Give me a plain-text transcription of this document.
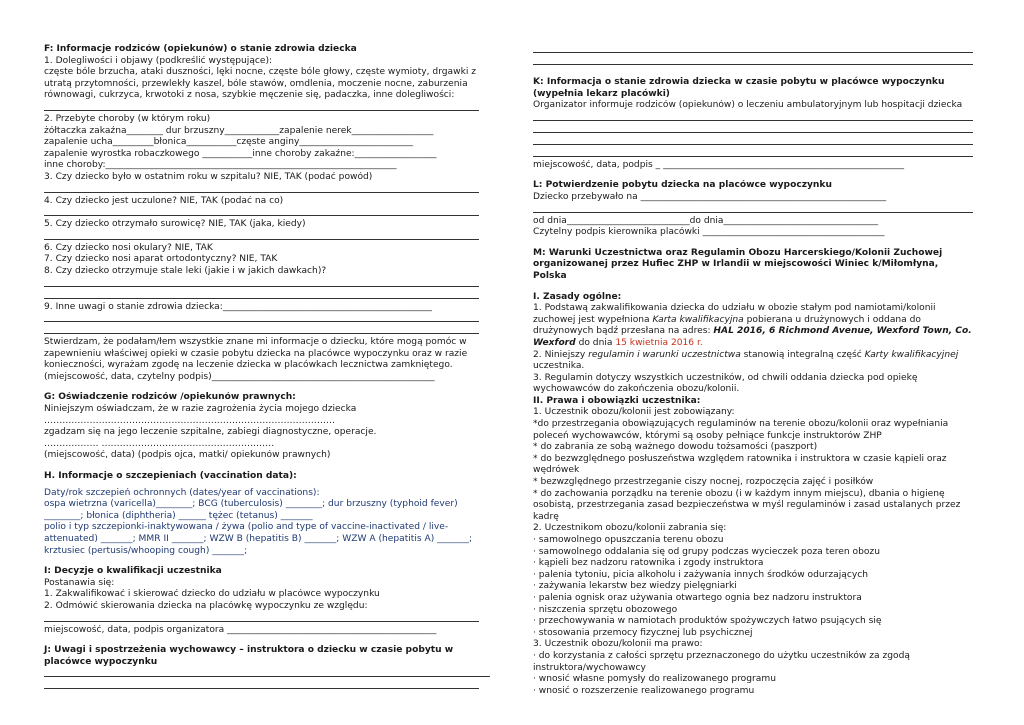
F: Informacje rodziców (opiekunów) o stanie zdrowia dziecka
1. Dolegliwości i objawy (podkreślić występujące):
częste bóle brzucha, ataki duszności, lęki nocne, częste bóle głowy, częste wymioty, drgawki z utratą przytomności, przewlekły kaszel, bóle stawów, omdlenia, moczenie nocne, zaburzenia równowagi, cukrzyca, krwotoki z nosa, szybkie męczenie się, padaczka, inne dolegliwości:
2. Przebyte choroby (w którym roku)
żółtaczka zakaźna________ dur brzuszny____________zapalenie nerek__________________
zapalenie ucha_________błonica___________częste anginy_________________________
zapalenie wyrostka robaczkowego ___________inne choroby zakaźne:__________________
inne choroby:________________________________________________________________
3. Czy dziecko było w ostatnim roku w szpitalu? NIE, TAK (podać powód)
4. Czy dziecko jest uczulone? NIE, TAK (podać na co)
5. Czy dziecko otrzymało surowicę? NIE, TAK (jaka, kiedy)
6. Czy dziecko nosi okulary? NIE, TAK
7. Czy dziecko nosi aparat ortodontyczny? NIE, TAK
8. Czy dziecko otrzymuje stale leki (jakie i w jakich dawkach)?
9. Inne uwagi o stanie zdrowia dziecka:______________________________________________
Stwierdzam, że podałam/łem wszystkie znane mi informacje o dziecku, które mogą pomóc w zapewnieniu właściwej opieki w czasie pobytu dziecka na placówce wypoczynku oraz w razie konieczności, wyrażam zgodę na leczenie dziecka w placówkach lecznictwa zamkniętego.
(miejscowość, data, czytelny podpis)_________________________________________________
G: Oświadczenie rodziców /opiekunów prawnych:
Niniejszym oświadczam, że w razie zagrożenia życia mojego dziecka
……………………………………………………………………………………
zgadzam się na jego leczenie szpitalne, zabiegi diagnostyczne, operacje.
……………… …………………………………………………
(miejscowość, data) (podpis ojca, matki/ opiekunów prawnych)
H. Informacje o szczepieniach (vaccination data):
Daty/rok szczepień ochronnych (dates/year of vaccinations):
ospa wietrzna (varicella)________; BCG (tuberculosis) ________; dur brzuszny (typhoid fever)
________; błonica (diphtheria) ______ tężec (tetanus) _______
polio i typ szczepionki-inaktywowana / żywa (polio and type of vaccine-inactivated / live-attenuated) _______; MMR II _______; WZW B (hepatitis B) _______; WZW A (hepatitis A) _______; krztusiec (pertusis/whooping cough) _______;
I: Decyzje o kwalifikacji uczestnika
Postanawia się:
1. Zakwalifikować i skierować dziecko do udziału w placówce wypoczynku
2. Odmówić skierowania dziecka na placówkę wypoczynku ze względu:
miejscowość, data, podpis organizatora ______________________________________________
J: Uwagi i spostrzeżenia wychowawcy – instruktora o dziecku w czasie pobytu w placówce wypoczynku
K: Informacja o stanie zdrowia dziecka w czasie pobytu w placówce wypoczynku (wypełnia lekarz placówki)
Organizator informuje rodziców (opiekunów) o leczeniu ambulatoryjnym lub hospitacji dziecka
miejscowość, data, podpis _ _____________________________________________________
L: Potwierdzenie pobytu dziecka na placówce wypoczynku
Dziecko przebywało na ______________________________________________________
od dnia___________________________do dnia__________________________________
Czytelny podpis kierownika placówki ________________________________________
M: Warunki Uczestnictwa oraz Regulamin Obozu Harcerskiego/Kolonii Zuchowej organizowanej przez Hufiec ZHP w Irlandii w miejscowości Winiec k/Miłomłyna, Polska
I. Zasady ogólne:
1. Podstawą zakwalifikowania dziecka do udziału w obozie stałym pod namiotami/kolonii zuchowej jest wypełniona Karta kwalifikacyjna pobierana u drużynowych i oddana do drużynowych bądź przesłana na adres: HAL 2016, 6 Richmond Avenue, Wexford Town, Co. Wexford do dnia 15 kwietnia 2016 r.
2. Niniejszy regulamin i warunki uczestnictwa stanowią integralną część Karty kwalifikacyjnej uczestnika.
3. Regulamin dotyczy wszystkich uczestników, od chwili oddania dziecka pod opiekę wychowawców do zakończenia obozu/kolonii.
II. Prawa i obowiązki uczestnika:
1. Uczestnik obozu/kolonii jest zobowiązany:
*do przestrzegania obowiązujących regulaminów na terenie obozu/kolonii oraz wypełniania poleceń wychowawców, którymi są osoby pełniące funkcje instruktorów ZHP
* do zabrania ze sobą ważnego dowodu tożsamości (paszport)
* do bezwzględnego posłuszeństwa względem ratownika i instruktora w czasie kąpieli oraz wędrówek
* bezwzględnego przestrzeganie ciszy nocnej, rozpoczęcia zajęć i posiłków
* do zachowania porządku na terenie obozu (i w każdym innym miejscu), dbania o higienę osobistą, przestrzegania zasad bezpieczeństwa w myśl regulaminów i zasad ustalanych przez kadrę
2. Uczestnikom obozu/kolonii zabrania się:
· samowolnego opuszczania terenu obozu
· samowolnego oddalania się od grupy podczas wycieczek poza teren obozu
· kąpieli bez nadzoru ratownika i zgody instruktora
· palenia tytoniu, picia alkoholu i zażywania innych środków odurzających
· zażywania lekarstw bez wiedzy pielęgniarki
· palenia ognisk oraz używania otwartego ognia bez nadzoru instruktora
· niszczenia sprzętu obozowego
· przechowywania w namiotach produktów spożywczych łatwo psujących się
· stosowania przemocy fizycznej lub psychicznej
3. Uczestnik obozu/kolonii ma prawo:
· do korzystania z całości sprzętu przeznaczonego do użytku uczestników za zgodą instruktora/wychowawcy
· wnosić własne pomysły do realizowanego programu
· wnosić o rozszerzenie realizowanego programu
